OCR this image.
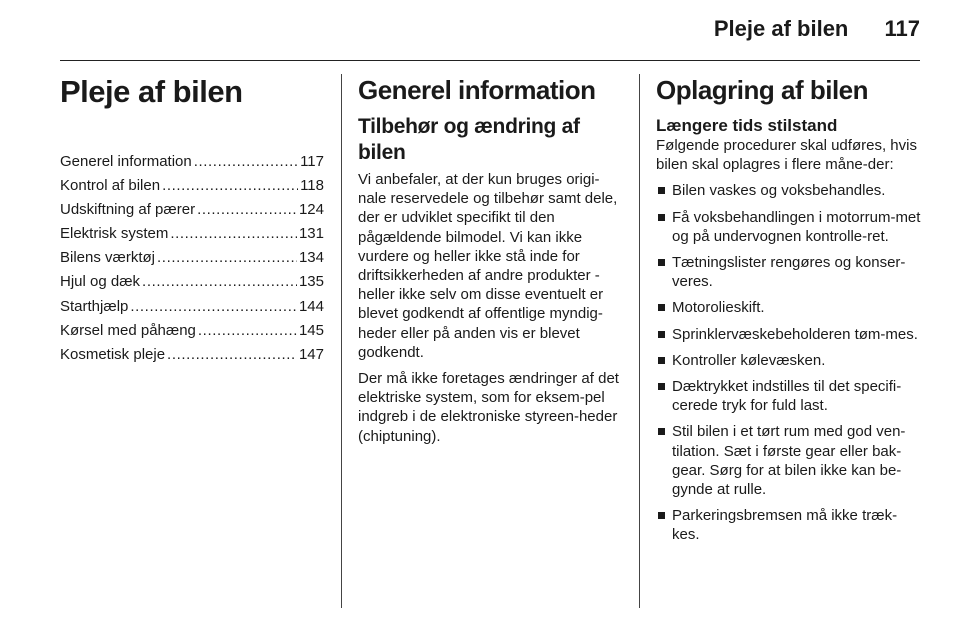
Pleje af bilen 117
Pleje af bilen
Generel information .....	117
Kontrol af bilen .....	118
Udskiftning af pærer .....	124
Elektrisk system .....	131
Bilens værktøj .....	134
Hjul og dæk .....	135
Starthjælp .....	144
Kørsel med påhæng .....	145
Kosmetisk pleje .....	147
Generel information
Tilbehør og ændring af bilen

Vi anbefaler, at der kun bruges origi-nale reservedele og tilbehør samt dele, der er udviklet specifikt til den pågældende bilmodel. Vi kan ikke vurdere og heller ikke stå inde for driftsikkerheden af andre produkter - heller ikke selv om disse eventuelt er blevet godkendt af offentlige myndig-heder eller på anden vis er blevet godkendt.

Der må ikke foretages ændringer af det elektriske system, som for eksem-pel indgreb i de elektroniske styreen-heder (chiptuning).

Oplagring af bilen
Længere tids stilstand

Følgende procedurer skal udføres, hvis bilen skal oplagres i flere måne-der:

Bilen vaskes og voksbehandles.
Få voksbehandlingen i motorrum-met og på undervognen kontrolle-ret.
Tætningslister rengøres og konser-veres.
Motorolieskift.
Sprinklervæskebeholderen tøm-mes.
Kontroller kølevæsken.
Dæktrykket indstilles til det specifi-cerede tryk for fuld last.
Stil bilen i et tørt rum med god ven-tilation. Sæt i første gear eller bak-gear. Sørg for at bilen ikke kan be-gynde at rulle.
Parkeringsbremsen må ikke træk-kes.
